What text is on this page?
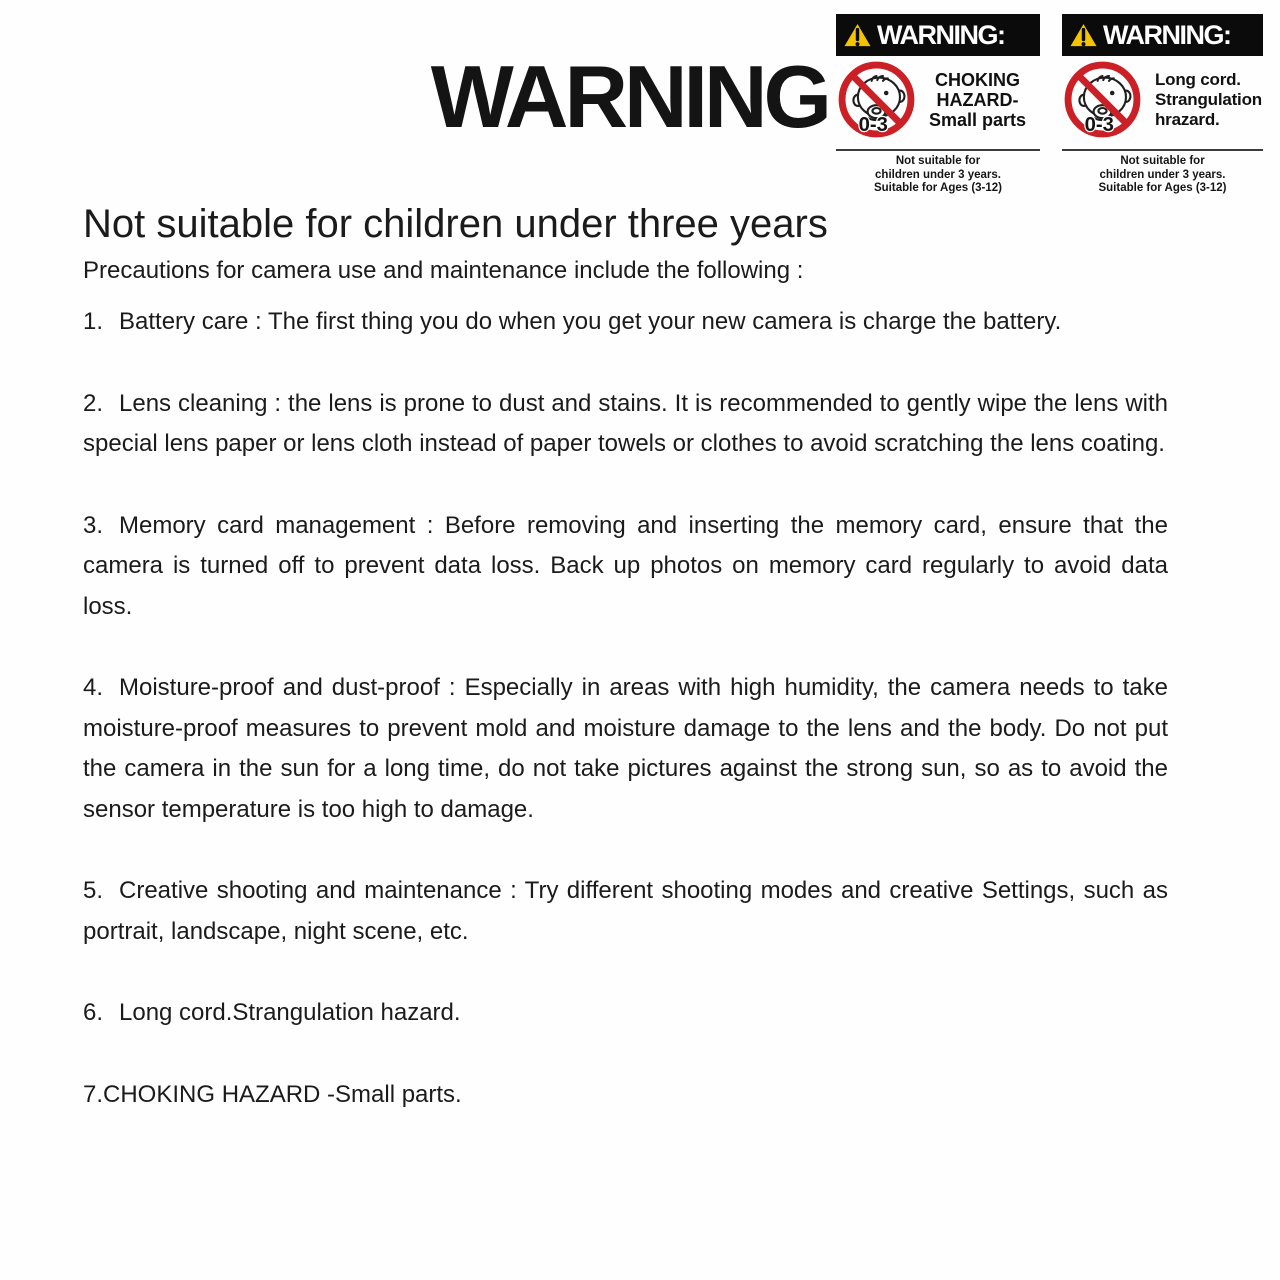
WARNING
WARNING:
0-3
CHOKING
HAZARD-
Small parts
Not suitable for
children under 3 years.
Suitable for Ages (3-12)
WARNING:
0-3
Long cord.
Strangulation
hrazard.
Not suitable for
children under 3 years.
Suitable for Ages (3-12)
Not suitable for children under three years

Precautions for camera use and maintenance include the following :

1. Battery care : The first thing you do when you get your new camera is charge the battery.

2. Lens cleaning : the lens is prone to dust and stains. It is recommended to gently wipe the lens with special lens paper or lens cloth instead of paper towels or clothes to avoid scratching the lens coating.

3. Memory card management : Before removing and inserting the memory card, ensure that the camera is turned off to prevent data loss. Back up photos on memory card regularly to avoid data loss.

4. Moisture-proof and dust-proof : Especially in areas with high humidity, the camera needs to take moisture-proof measures to prevent mold and moisture damage to the lens and the body. Do not put the camera in the sun for a long time, do not take pictures against the strong sun, so as to avoid the sensor temperature is too high to damage.

5. Creative shooting and maintenance : Try different shooting modes and creative Settings, such as portrait, landscape, night scene, etc.

6. Long cord.Strangulation hazard.

7.CHOKING HAZARD -Small parts.
